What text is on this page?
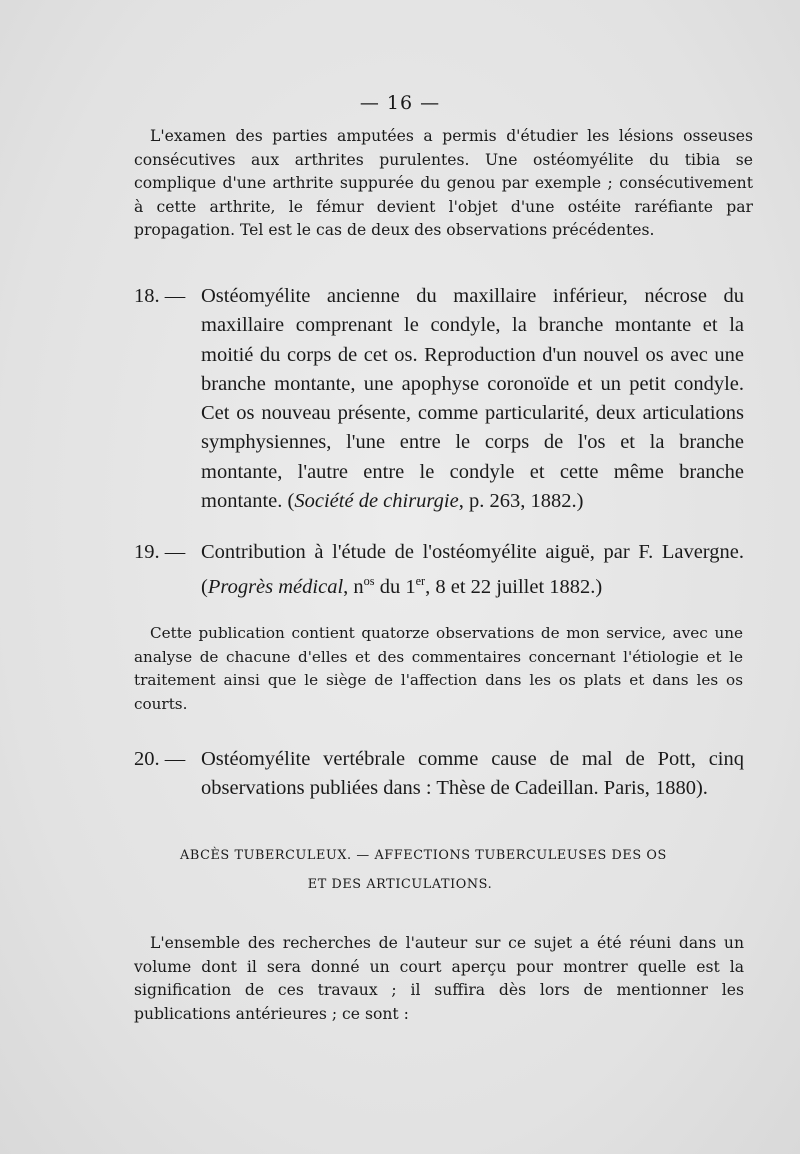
— 16 —

L'examen des parties amputées a permis d'étudier les lésions osseuses consécutives aux arthrites purulentes. Une ostéomyélite du tibia se complique d'une arthrite suppurée du genou par exemple ; consécutivement à cette arthrite, le fémur devient l'objet d'une ostéite raréfiante par propagation. Tel est le cas de deux des observations précédentes.

18. — Ostéomyélite ancienne du maxillaire inférieur, nécrose du maxillaire comprenant le condyle, la branche montante et la moitié du corps de cet os. Reproduction d'un nouvel os avec une branche montante, une apophyse coronoïde et un petit condyle. Cet os nouveau présente, comme particularité, deux articulations symphysiennes, l'une entre le corps de l'os et la branche montante, l'autre entre le condyle et cette même branche montante. (Société de chirurgie, p. 263, 1882.)
19. — Contribution à l'étude de l'ostéomyélite aiguë, par F. Lavergne. (Progrès médical, $n^{os}$ du 1er, 8 et 22 juillet 1882.)

Cette publication contient quatorze observations de mon service, avec une analyse de chacune d'elles et des commentaires concernant l'étiologie et le traitement ainsi que le siège de l'affection dans les os plats et dans les os courts.

20. — Ostéomyélite vertébrale comme cause de mal de Pott, cinq observations publiées dans : Thèse de Cadeillan. Paris, 1880).
ABCÈS TUBERCULEUX. — AFFECTIONS TUBERCULEUSES DES OS
ET DES ARTICULATIONS.

L'ensemble des recherches de l'auteur sur ce sujet a été réuni dans un volume dont il sera donné un court aperçu pour montrer quelle est la signification de ces travaux ; il suffira dès lors de mentionner les publications antérieures ; ce sont :
